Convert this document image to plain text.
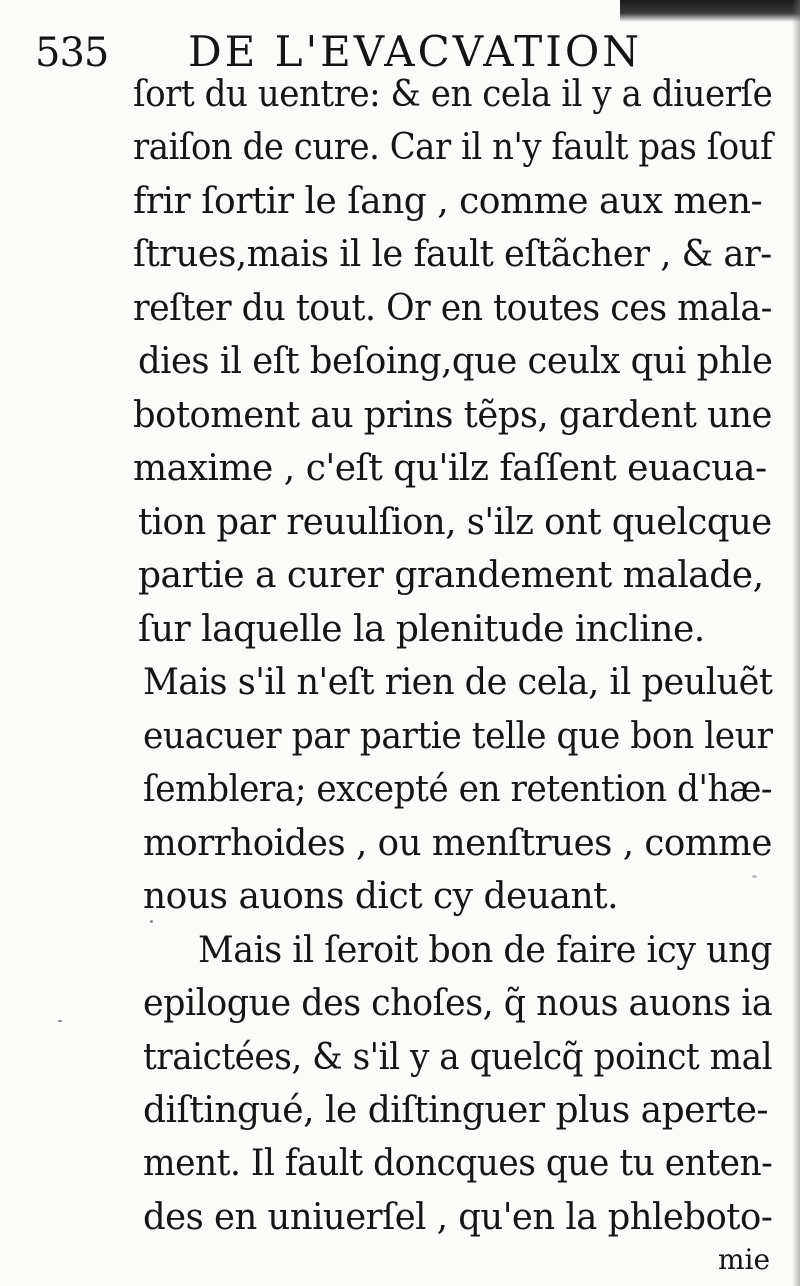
535 DE L'EVACVATION
ſort du uentre: & en cela il y a diuerſe
raiſon de cure. Car il n'y fault pas ſouf
frir ſortir le ſang , comme aux men-
ſtrues,mais il le fault eſtãcher , & ar-
reſter du tout. Or en toutes ces mala-
dies il eſt beſoing,que ceulx qui phle
botoment au prins tẽps, gardent une
maxime , c'eſt qu'ilz faſſent euacua-
tion par reuulſion, s'ilz ont quelcque
partie a curer grandement malade,
ſur laquelle la plenitude incline.
Mais s'il n'eſt rien de cela, il peuluẽt
euacuer par partie telle que bon leur
ſemblera; excepté en retention d'hæ-
morrhoides , ou menſtrues , comme
nous auons dict cy deuant.
Mais il ſeroit bon de faire icy ung
epilogue des choſes, q̃ nous auons ia
traictées, & s'il y a quelcq̃ poinct mal
diſtingué, le diſtinguer plus aperte-
ment. Il fault doncques que tu enten-
des en uniuerſel , qu'en la phleboto-
mie
